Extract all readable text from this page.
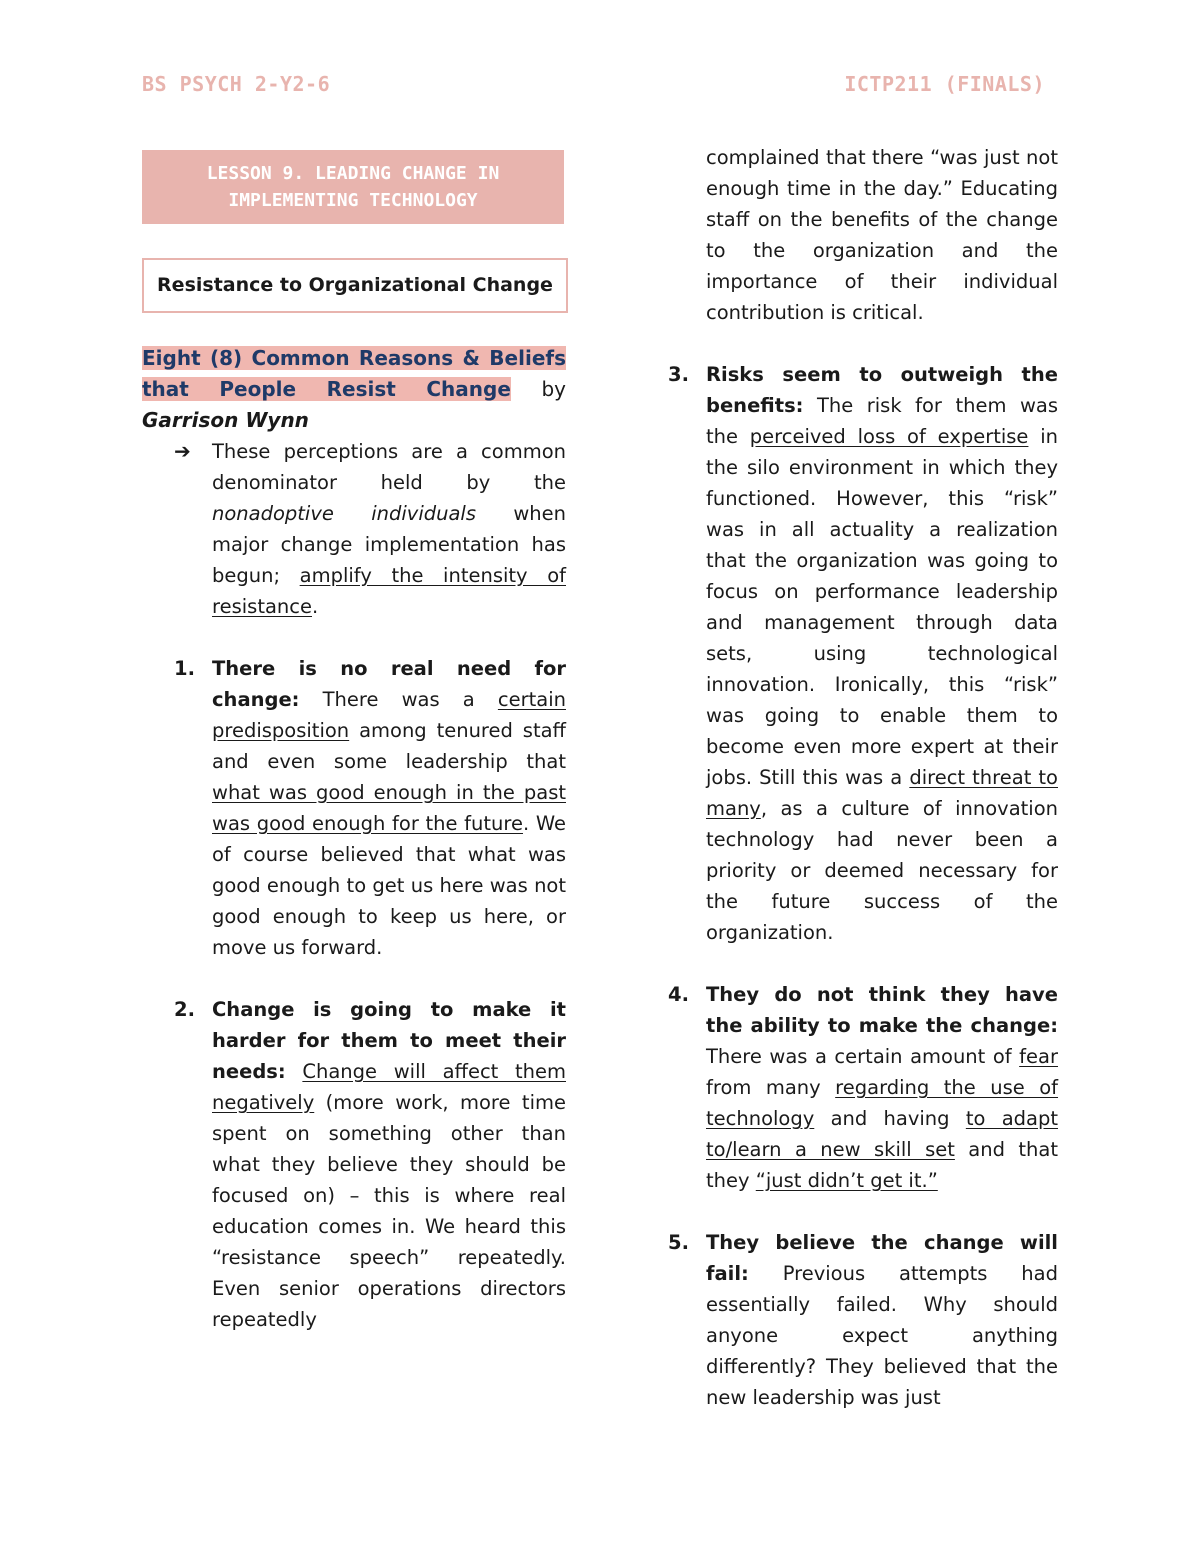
BS PSYCH 2-Y2-6	ICTP211 (FINALS)
LESSON 9. LEADING CHANGE IN IMPLEMENTING TECHNOLOGY
Resistance to Organizational Change
Eight (8) Common Reasons & Beliefs that People Resist Change by Garrison Wynn
➔	These perceptions are a common denominator held by the nonadoptive individuals when major change implementation has begun; amplify the intensity of resistance.

1. There is no real need for change: There was a certain predisposition among tenured staff and even some leadership that what was good enough in the past was good enough for the future. We of course believed that what was good enough to get us here was not good enough to keep us here, or move us forward.

2. Change is going to make it harder for them to meet their needs: Change will affect them negatively (more work, more time spent on something other than what they believe they should be focused on) – this is where real education comes in. We heard this “resistance speech” repeatedly. Even senior operations directors repeatedly

complained that there “was just not enough time in the day.” Educating staff on the benefits of the change to the organization and the importance of their individual contribution is critical.

3. Risks seem to outweigh the benefits: The risk for them was the perceived loss of expertise in the silo environment in which they functioned. However, this “risk” was in all actuality a realization that the organization was going to focus on performance leadership and management through data sets, using technological innovation. Ironically, this “risk” was going to enable them to become even more expert at their jobs. Still this was a direct threat to many, as a culture of innovation technology had never been a priority or deemed necessary for the future success of the organization.

4. They do not think they have the ability to make the change: There was a certain amount of fear from many regarding the use of technology and having to adapt to/learn a new skill set and that they “just didn’t get it.”

5. They believe the change will fail: Previous attempts had essentially failed. Why should anyone expect anything differently? They believed that the new leadership was just
